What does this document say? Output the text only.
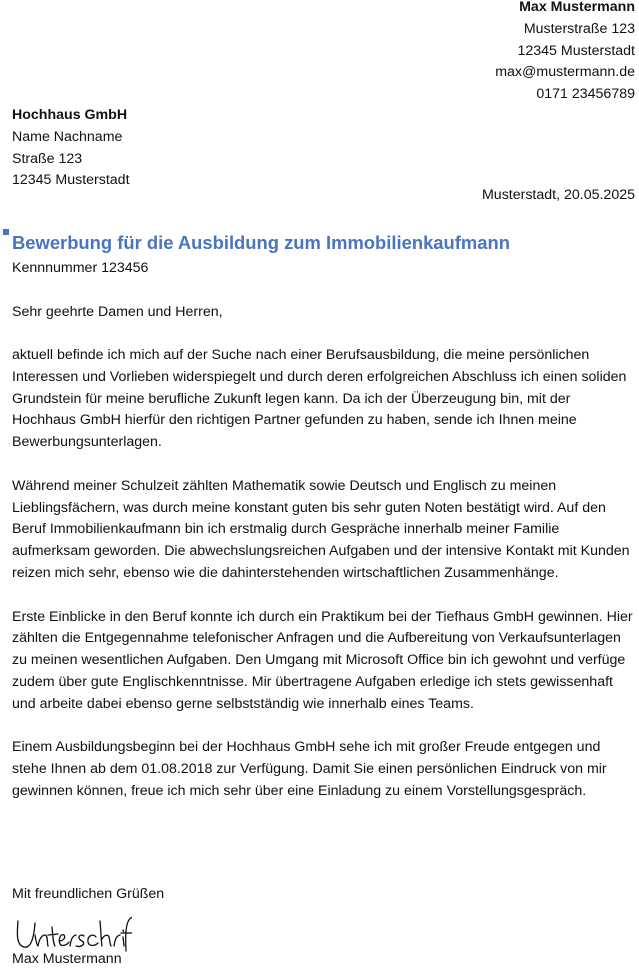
Max Mustermann
Musterstraße 123
12345 Musterstadt
max@mustermann.de
0171 23456789
Hochhaus GmbH
Name Nachname
Straße 123
12345 Musterstadt
Musterstadt, 20.05.2025
Bewerbung für die Ausbildung zum Immobilienkaufmann
Kennnummer 123456
Sehr geehrte Damen und Herren,

aktuell befinde ich mich auf der Suche nach einer Berufsausbildung, die meine persönlichen Interessen und Vorlieben widerspiegelt und durch deren erfolgreichen Abschluss ich einen soliden Grundstein für meine berufliche Zukunft legen kann. Da ich der Überzeugung bin, mit der Hochhaus GmbH hierfür den richtigen Partner gefunden zu haben, sende ich Ihnen meine Bewerbungsunterlagen.

Während meiner Schulzeit zählten Mathematik sowie Deutsch und Englisch zu meinen Lieblingsfächern, was durch meine konstant guten bis sehr guten Noten bestätigt wird. Auf den Beruf Immobilienkaufmann bin ich erstmalig durch Gespräche innerhalb meiner Familie aufmerksam geworden. Die abwechslungsreichen Aufgaben und der intensive Kontakt mit Kunden reizen mich sehr, ebenso wie die dahinterstehenden wirtschaftlichen Zusammenhänge.

Erste Einblicke in den Beruf konnte ich durch ein Praktikum bei der Tiefhaus GmbH gewinnen. Hier zählten die Entgegennahme telefonischer Anfragen und die Aufbereitung von Verkaufsunterlagen zu meinen wesentlichen Aufgaben. Den Umgang mit Microsoft Office bin ich gewohnt und verfüge zudem über gute Englischkenntnisse. Mir übertragene Aufgaben erledige ich stets gewissenhaft und arbeite dabei ebenso gerne selbstständig wie innerhalb eines Teams.

Einem Ausbildungsbeginn bei der Hochhaus GmbH sehe ich mit großer Freude entgegen und stehe Ihnen ab dem 01.08.2018 zur Verfügung. Damit Sie einen persönlichen Eindruck von mir gewinnen können, freue ich mich sehr über eine Einladung zu einem Vorstellungsgespräch.

Mit freundlichen Grüßen
Max Mustermann
